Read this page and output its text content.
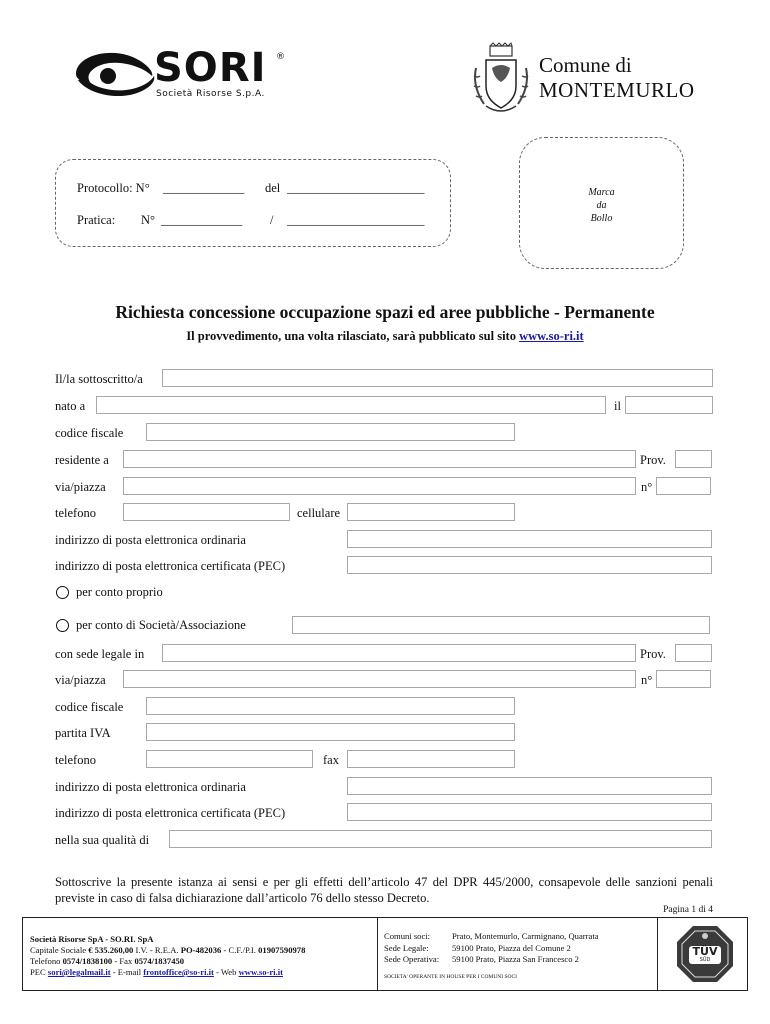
SORI ®
Società Risorse S.p.A.
Comune di
MONTEMURLO
Protocollo: N° _____________ del ______________________
Pratica: N° _____________ / ______________________
Marca
da
Bollo
Richiesta concessione occupazione spazi ed aree pubbliche - Permanente
Il provvedimento, una volta rilasciato, sarà pubblicato sul sito www.so-ri.it
Il/la sottoscritto/a
nato a	il
codice fiscale
residente a	Prov.
via/piazza	n°
telefono	cellulare
indirizzo di posta elettronica ordinaria
indirizzo di posta elettronica certificata (PEC)
per conto proprio
per conto di Società/Associazione
con sede legale in	Prov.
via/piazza	n°
codice fiscale
partita IVA
telefono	fax
indirizzo di posta elettronica ordinaria
indirizzo di posta elettronica certificata (PEC)
nella sua qualità di
Sottoscrive la presente istanza ai sensi e per gli effetti dell’articolo 47 del DPR 445/2000, consapevole delle sanzioni penali previste in caso di falsa dichiarazione dall’articolo 76 dello stesso Decreto.
Pagina 1 di 4
Società Risorse SpA - SO.RI. SpA
Capitale Sociale € 535.260,00 I.V. - R.E.A. PO-482036 - C.F./P.I. 01907590978
Telefono 0574/1838100 - Fax 0574/1837450
PEC sori@legalmail.it - E-mail frontoffice@so-ri.it - Web www.so-ri.it
Comuni soci:	Prato, Montemurlo, Carmignano, Quarrata
Sede Legale:	59100 Prato, Piazza del Comune 2
Sede Operativa: 59100 Prato, Piazza San Francesco 2
SOCIETA' OPERANTE IN HOUSE PER I COMUNI SOCI
TÜV
SÜD
